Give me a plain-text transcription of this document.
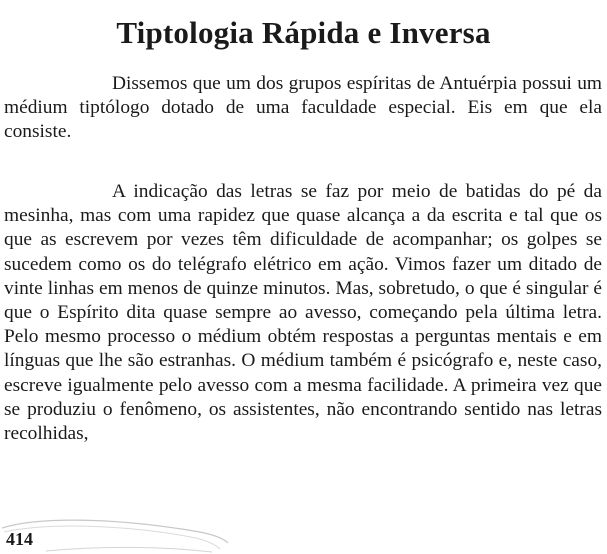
Tiptologia Rápida e Inversa

Dissemos que um dos grupos espíritas de Antuérpia possui um médium tiptólogo dotado de uma faculdade especial. Eis em que ela consiste.

A indicação das letras se faz por meio de batidas do pé da mesinha, mas com uma rapidez que quase alcança a da escrita e tal que os que as escrevem por vezes têm dificuldade de acompanhar; os golpes se sucedem como os do telégrafo elétrico em ação. Vimos fazer um ditado de vinte linhas em menos de quinze minutos. Mas, sobretudo, o que é singular é que o Espírito dita quase sempre ao avesso, começando pela última letra. Pelo mesmo processo o médium obtém respostas a perguntas mentais e em línguas que lhe são estranhas. O médium também é psicógrafo e, neste caso, escreve igualmente pelo avesso com a mesma facilidade. A primeira vez que se produziu o fenômeno, os assistentes, não encontrando sentido nas letras recolhidas,

414
